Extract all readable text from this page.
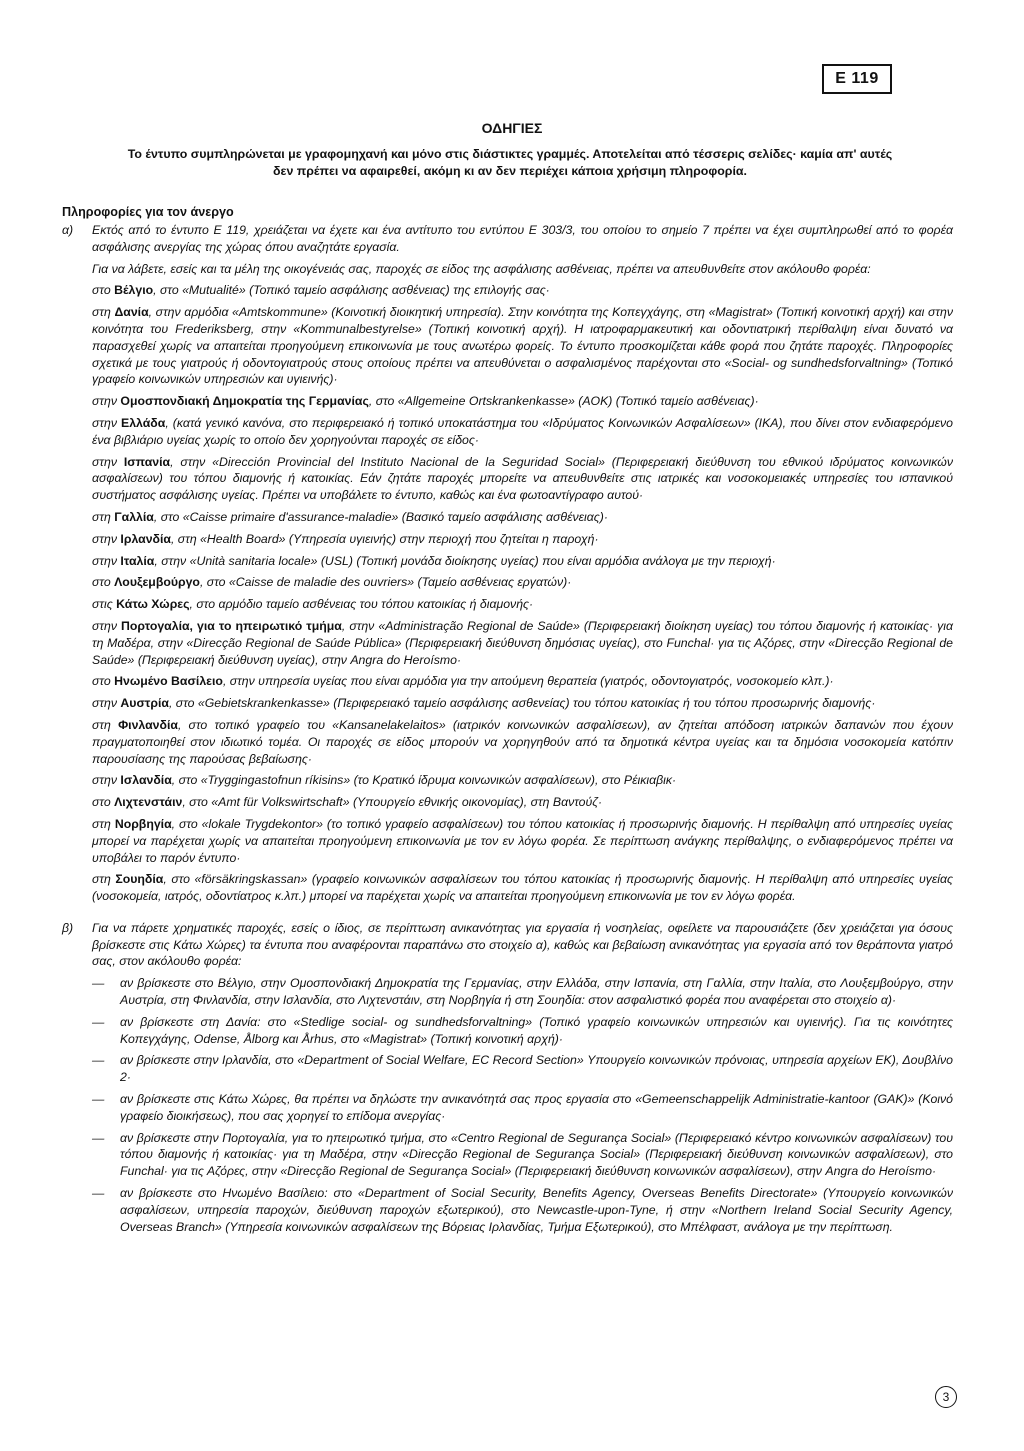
E 119
ΟΔΗΓΙΕΣ
Το έντυπο συμπληρώνεται με γραφομηχανή και μόνο στις διάστικτες γραμμές. Αποτελείται από τέσσερις σελίδες· καμία απ' αυτές
δεν πρέπει να αφαιρεθεί, ακόμη κι αν δεν περιέχει κάποια χρήσιμη πληροφορία.
Πληροφορίες για τον άνεργο
α)	Εκτός από το έντυπο Ε 119, χρειάζεται να έχετε και ένα αντίτυπο του εντύπου Ε 303/3, του οποίου το σημείο 7 πρέπει να έχει συμπληρωθεί από το φορέα ασφάλισης ανεργίας της χώρας όπου αναζητάτε εργασία.

Για να λάβετε, εσείς και τα μέλη της οικογένειάς σας, παροχές σε είδος της ασφάλισης ασθένειας, πρέπει να απευθυνθείτε στον ακόλουθο φορέα:

στο Βέλγιο, στο «Mutualité» (Τοπικό ταμείο ασφάλισης ασθένειας) της επιλογής σας·

στη Δανία, στην αρμόδια «Amtskommune» (Κοινοτική διοικητική υπηρεσία). Στην κοινότητα της Κοπεγχάγης, στη «Magistrat» (Τοπική κοινοτική αρχή) και στην κοινότητα του Frederiksberg, στην «Kommunalbestyrelse» (Τοπική κοινοτική αρχή). Η ιατροφαρμακευτική και οδοντιατρική περίθαλψη είναι δυνατό να παρασχεθεί χωρίς να απαιτείται προηγούμενη επικοινωνία με τους ανωτέρω φορείς. Το έντυπο προσκομίζεται κάθε φορά που ζητάτε παροχές. Πληροφορίες σχετικά με τους γιατρούς ή οδοντογιατρούς στους οποίους πρέπει να απευθύνεται ο ασφαλισμένος παρέχονται στο «Social- og sundhedsforvaltning» (Τοπικό γραφείο κοινωνικών υπηρεσιών και υγιεινής)·

στην Ομοσπονδιακή Δημοκρατία της Γερμανίας, στο «Allgemeine Ortskrankenkasse» (AOK) (Τοπικό ταμείο ασθένειας)·

στην Ελλάδα, (κατά γενικό κανόνα, στο περιφερειακό ή τοπικό υποκατάστημα του «Ιδρύματος Κοινωνικών Ασφαλίσεων» (ΙΚΑ), που δίνει στον ενδιαφερόμενο ένα βιβλιάριο υγείας χωρίς το οποίο δεν χορηγούνται παροχές σε είδος·

στην Ισπανία, στην «Dirección Provincial del Instituto Nacional de la Seguridad Social» (Περιφερειακή διεύθυνση του εθνικού ιδρύματος κοινωνικών ασφαλίσεων) του τόπου διαμονής ή κατοικίας. Εάν ζητάτε παροχές μπορείτε να απευθυνθείτε στις ιατρικές και νοσοκομειακές υπηρεσίες του ισπανικού συστήματος ασφάλισης υγείας. Πρέπει να υποβάλετε το έντυπο, καθώς και ένα φωτοαντίγραφο αυτού·

στη Γαλλία, στο «Caisse primaire d'assurance-maladie» (Βασικό ταμείο ασφάλισης ασθένειας)·

στην Ιρλανδία, στη «Health Board» (Υπηρεσία υγιεινής) στην περιοχή που ζητείται η παροχή·

στην Ιταλία, στην «Unità sanitaria locale» (USL) (Τοπική μονάδα διοίκησης υγείας) που είναι αρμόδια ανάλογα με την περιοχή·

στο Λουξεμβούργο, στο «Caisse de maladie des ouvriers» (Ταμείο ασθένειας εργατών)·

στις Κάτω Χώρες, στο αρμόδιο ταμείο ασθένειας του τόπου κατοικίας ή διαμονής·

στην Πορτογαλία, για το ηπειρωτικό τμήμα, στην «Administração Regional de Saúde» (Περιφερειακή διοίκηση υγείας) του τόπου διαμονής ή κατοικίας· για τη Μαδέρα, στην «Direcção Regional de Saúde Pública» (Περιφερειακή διεύθυνση δημόσιας υγείας), στο Funchal· για τις Αζόρες, στην «Direcção Regional de Saúde» (Περιφερειακή διεύθυνση υγείας), στην Angra do Heroísmo·

στο Ηνωμένο Βασίλειο, στην υπηρεσία υγείας που είναι αρμόδια για την αιτούμενη θεραπεία (γιατρός, οδοντογιατρός, νοσοκομείο κλπ.)·

στην Αυστρία, στο «Gebietskrankenkasse» (Περιφερειακό ταμείο ασφάλισης ασθενείας) του τόπου κατοικίας ή του τόπου προσωρινής διαμονής·

στη Φινλανδία, στο τοπικό γραφείο του «Kansanelakelaitos» (ιατρικόν κοινωνικών ασφαλίσεων), αν ζητείται απόδοση ιατρικών δαπανών που έχουν πραγματοποιηθεί στον ιδιωτικό τομέα. Οι παροχές σε είδος μπορούν να χορηγηθούν από τα δημοτικά κέντρα υγείας και τα δημόσια νοσοκομεία κατόπιν παρουσίασης της παρούσας βεβαίωσης·

στην Ισλανδία, στο «Tryggingastofnun ríkisins» (το Κρατικό ίδρυμα κοινωνικών ασφαλίσεων), στο Ρέικιαβικ·

στο Λιχτενστάιν, στο «Amt für Volkswirtschaft» (Υπουργείο εθνικής οικονομίας), στη Βαντούζ·

στη Νορβηγία, στο «lokale Trygdekontor» (το τοπικό γραφείο ασφαλίσεων) του τόπου κατοικίας ή προσωρινής διαμονής. Η περίθαλψη από υπηρεσίες υγείας μπορεί να παρέχεται χωρίς να απαιτείται προηγούμενη επικοινωνία με τον εν λόγω φορέα. Σε περίπτωση ανάγκης περίθαλψης, ο ενδιαφερόμενος πρέπει να υποβάλει το παρόν έντυπο·

στη Σουηδία, στο «försäkringskassan» (γραφείο κοινωνικών ασφαλίσεων του τόπου κατοικίας ή προσωρινής διαμονής. Η περίθαλψη από υπηρεσίες υγείας (νοσοκομεία, ιατρός, οδοντίατρος κ.λπ.) μπορεί να παρέχεται χωρίς να απαιτείται προηγούμενη επικοινωνία με τον εν λόγω φορέα.

β)	Για να πάρετε χρηματικές παροχές, εσείς ο ίδιος, σε περίπτωση ανικανότητας για εργασία ή νοσηλείας, οφείλετε να παρουσιάζετε (δεν χρειάζεται για όσους βρίσκεστε στις Κάτω Χώρες) τα έντυπα που αναφέρονται παραπάνω στο στοιχείο α), καθώς και βεβαίωση ανικανότητας για εργασία από τον θεράποντα γιατρό σας, στον ακόλουθο φορέα:

—	αν βρίσκεστε στο Βέλγιο, στην Ομοσπονδιακή Δημοκρατία της Γερμανίας, στην Ελλάδα, στην Ισπανία, στη Γαλλία, στην Ιταλία, στο Λουξεμβούργο, στην Αυστρία, στη Φινλανδία, στην Ισλανδία, στο Λιχτενστάιν, στη Νορβηγία ή στη Σουηδία: στον ασφαλιστικό φορέα που αναφέρεται στο στοιχείο α)·
—	αν βρίσκεστε στη Δανία: στο «Stedlige social- og sundhedsforvaltning» (Τοπικό γραφείο κοινωνικών υπηρεσιών και υγιεινής). Για τις κοινότητες Κοπεγχάγης, Odense, Ålborg και Århus, στο «Magistrat» (Τοπική κοινοτική αρχή)·
—	αν βρίσκεστε στην Ιρλανδία, στο «Department of Social Welfare, EC Record Section» Υπουργείο κοινωνικών πρόνοιας, υπηρεσία αρχείων ΕΚ), Δουβλίνο 2·
—	αν βρίσκεστε στις Κάτω Χώρες, θα πρέπει να δηλώστε την ανικανότητά σας προς εργασία στο «Gemeenschappelijk Administratie-kantoor (GAK)» (Κοινό γραφείο διοικήσεως), που σας χορηγεί το επίδομα ανεργίας·
—	αν βρίσκεστε στην Πορτογαλία, για το ηπειρωτικό τμήμα, στο «Centro Regional de Segurança Social» (Περιφερειακό κέντρο κοινωνικών ασφαλίσεων) του τόπου διαμονής ή κατοικίας· για τη Μαδέρα, στην «Direcção Regional de Segurança Social» (Περιφερειακή διεύθυνση κοινωνικών ασφαλίσεων), στο Funchal· για τις Αζόρες, στην «Direcção Regional de Segurança Social» (Περιφερειακή διεύθυνση κοινωνικών ασφαλίσεων), στην Angra do Heroísmo·
—	αν βρίσκεστε στο Ηνωμένο Βασίλειο: στο «Department of Social Security, Benefits Agency, Overseas Benefits Directorate» (Υπουργείο κοινωνικών ασφαλίσεων, υπηρεσία παροχών, διεύθυνση παροχών εξωτερικού), στο Newcastle-upon-Tyne, ή στην «Northern Ireland Social Security Agency, Overseas Branch» (Υπηρεσία κοινωνικών ασφαλίσεων της Βόρειας Ιρλανδίας, Τμήμα Εξωτερικού), στο Μπέλφαστ, ανάλογα με την περίπτωση.
3
